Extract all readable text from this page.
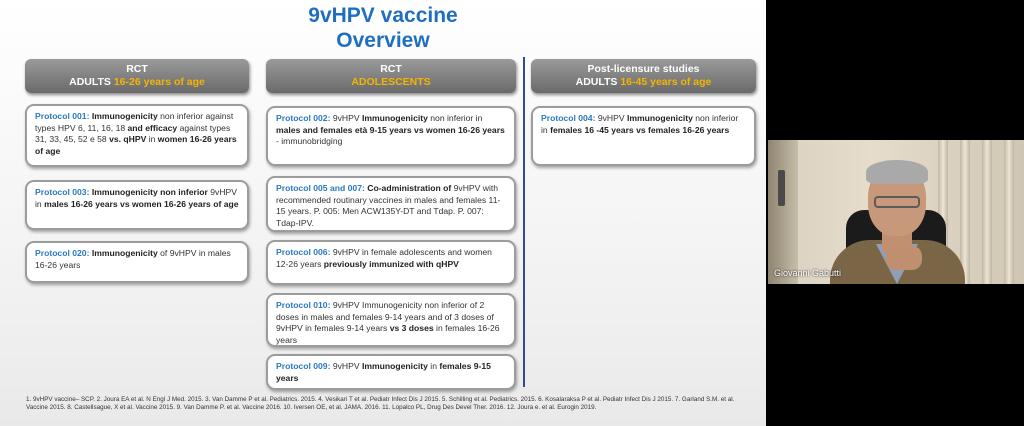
9vHPV vaccine
Overview
RCT
ADULTS 16-26 years of age
RCT
ADOLESCENTS
Post-licensure studies
ADULTS 16-45 years of age
Protocol 001: Immunogenicity non inferior against types HPV 6, 11, 16, 18 and efficacy against types 31, 33, 45, 52 e 58 vs. qHPV in women 16-26 years of age
Protocol 003: Immunogenicity non inferior 9vHPV in males 16-26 years vs women 16-26 years of age
Protocol 020: Immunogenicity of 9vHPV in males 16-26 years
Protocol 002: 9vHPV Immunogenicity non inferior in males and females età 9-15 years vs women 16-26 years - immunobridging
Protocol 005 and 007: Co-administration of 9vHPV with recommended routinary vaccines in males and females 11-15 years. P. 005: Men ACW135Y-DT and Tdap. P. 007: Tdap-IPV.
Protocol 006: 9vHPV in female adolescents and women 12-26 years previously immunized with qHPV
Protocol 010: 9vHPV Immunogenicity non inferior of 2 doses in males and females 9-14 years and of 3 doses of 9vHPV in females 9-14 years vs 3 doses in females 16-26 years
Protocol 009: 9vHPV Immunogenicity in females 9-15 years
Protocol 004: 9vHPV Immunogenicity non inferior in females 16 -45 years vs females 16-26 years
1. 9vHPV vaccine– SCP. 2. Joura EA et al. N Engl J Med. 2015. 3. Van Damme P et al. Pediatrics. 2015. 4. Vesikari T et al. Pediatr Infect Dis J 2015. 5. Schilling et al. Pediatrics. 2015. 6. Kosalaraksa P et al. Pediatr Infect Dis J 2015. 7. Garland S.M. et al. Vaccine 2015. 8. Castellsague, X et al. Vaccine 2015. 9. Van Damme P. et al. Vaccine 2016. 10. Iversen OE, et al. JAMA. 2016. 11. Lopalco PL, Drug Des Devel Ther. 2016. 12. Joura e. et al. Eurogin 2019.
Giovanni Gabutti
